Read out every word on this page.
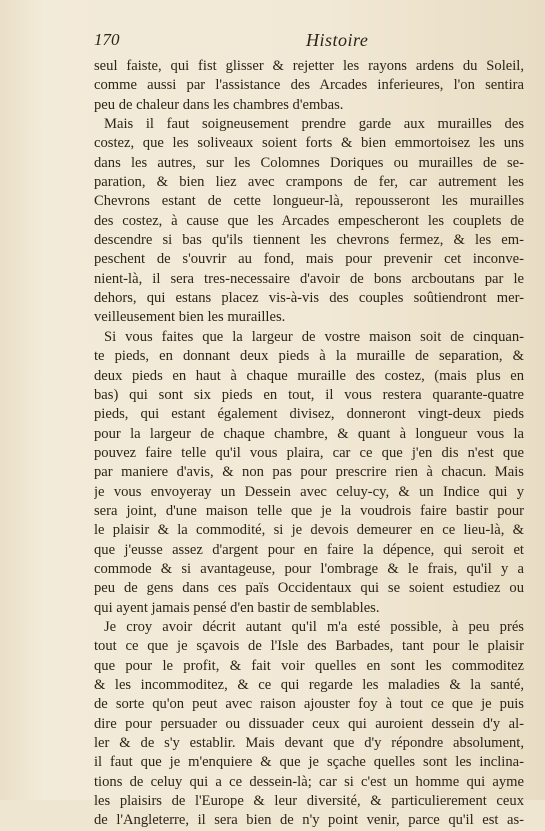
170	Histoire
seul faiste, qui fist glisser & rejetter les rayons ardens du Soleil,
comme aussi par l'assistance des Arcades inferieures, l'on sentira
peu de chaleur dans les chambres d'embas.
Mais il faut soigneusement prendre garde aux murailles des
costez, que les soliveaux soient forts & bien emmortoisez les uns
dans les autres, sur les Colomnes Doriques ou murailles de se-
paration, & bien liez avec crampons de fer, car autrement les
Chevrons estant de cette longueur-là, repousseront les murailles
des costez, à cause que les Arcades empescheront les couplets de
descendre si bas qu'ils tiennent les chevrons fermez, & les em-
peschent de s'ouvrir au fond, mais pour prevenir cet inconve-
nient-là, il sera tres-necessaire d'avoir de bons arcboutans par le
dehors, qui estans placez vis-à-vis des couples soûtiendront mer-
veilleusement bien les murailles.
Si vous faites que la largeur de vostre maison soit de cinquan-
te pieds, en donnant deux pieds à la muraille de separation, &
deux pieds en haut à chaque muraille des costez, (mais plus en
bas) qui sont six pieds en tout, il vous restera quarante-quatre
pieds, qui estant également divisez, donneront vingt-deux pieds
pour la largeur de chaque chambre, & quant à longueur vous la
pouvez faire telle qu'il vous plaira, car ce que j'en dis n'est que
par maniere d'avis, & non pas pour prescrire rien à chacun. Mais
je vous envoyeray un Dessein avec celuy-cy, & un Indice qui y
sera joint, d'une maison telle que je la voudrois faire bastir pour
le plaisir & la commodité, si je devois demeurer en ce lieu-là, &
que j'eusse assez d'argent pour en faire la dépence, qui seroit et
commode & si avantageuse, pour l'ombrage & le frais, qu'il y a
peu de gens dans ces païs Occidentaux qui se soient estudiez ou
qui ayent jamais pensé d'en bastir de semblables.
Je croy avoir décrit autant qu'il m'a esté possible, à peu prés
tout ce que je sçavois de l'Isle des Barbades, tant pour le plaisir
que pour le profit, & fait voir quelles en sont les commoditez
& les incommoditez, & ce qui regarde les maladies & la santé,
de sorte qu'on peut avec raison ajouster foy à tout ce que je puis
dire pour persuader ou dissuader ceux qui auroient dessein d'y al-
ler & de s'y establir. Mais devant que d'y répondre absolument,
il faut que je m'enquiere & que je sçache quelles sont les inclina-
tions de celuy qui a ce dessein-là; car si c'est un homme qui ayme
les plaisirs de l'Europe & leur diversité, & particulierement ceux
de l'Angleterre, il sera bien de n'y point venir, parce qu'il est as-
